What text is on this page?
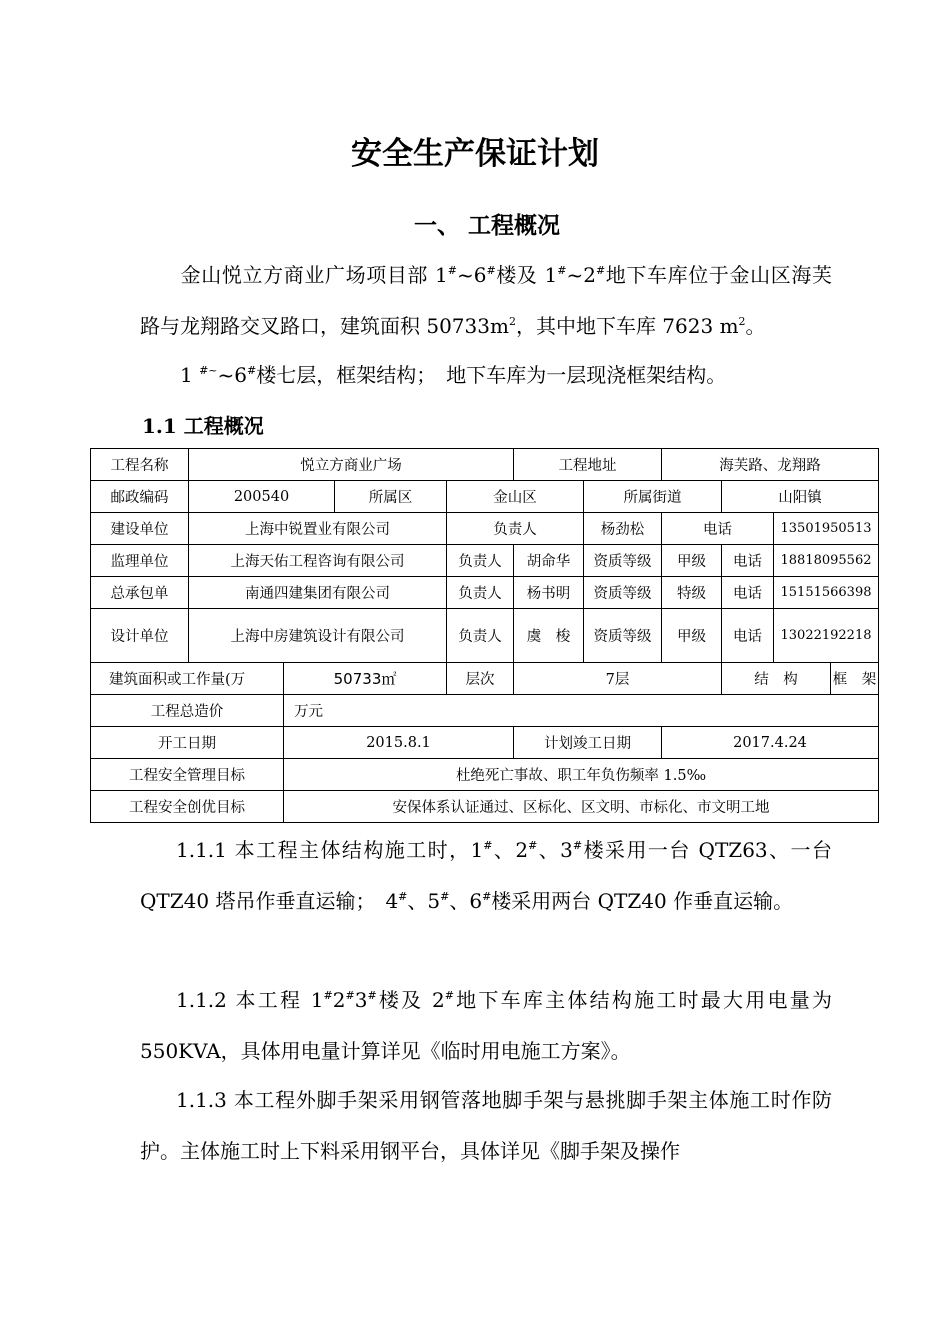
安全生产保证计划
一、 工程概况

金山悦立方商业广场项目部 1#~6#楼及 1#~2#地下车库位于金山区海芙路与龙翔路交叉路口，建筑面积 $50733m^2$，其中地下车库 7623 $m^2$。

1 #~~6#楼七层，框架结构；　地下车库为一层现浇框架结构。

1.1 工程概况
工程名称	悦立方商业广场				工程地址		海芙路、龙翔路			
邮政编码	200540		所属区	金山区		所属街道		山阳镇		
建设单位	上海中锐置业有限公司			负责人		杨劲松	电话		13501950513	
监理单位	上海天佑工程咨询有限公司			负责人	胡命华	资质等级	甲级	电话	18818095562	
总承包单	南通四建集团有限公司			负责人	杨书明	资质等级	特级	电话	15151566398	
设计单位	上海中房建筑设计有限公司			负责人	虞　梭	资质等级	甲级	电话	13022192218	
建筑面积或工作量(万		50733㎡		层次	7层			结　构		框　架
工程总造价		万元								
开工日期		2015.8.1			计划竣工日期		2017.4.24			
工程安全管理目标		杜绝死亡事故、职工年负伤频率 1.5‰								
工程安全创优目标		安保体系认证通过、区标化、区文明、市标化、市文明工地								

1.1.1 本工程主体结构施工时，1#、2#、3#楼采用一台 QTZ63、一台 QTZ40 塔吊作垂直运输；　4#、5#、6#楼采用两台 QTZ40 作垂直运输。

1.1.2 本工程 1#2#3#楼及 2#地下车库主体结构施工时最大用电量为 550KVA，具体用电量计算详见《临时用电施工方案》。

1.1.3 本工程外脚手架采用钢管落地脚手架与悬挑脚手架主体施工时作防护。主体施工时上下料采用钢平台，具体详见《脚手架及操作
